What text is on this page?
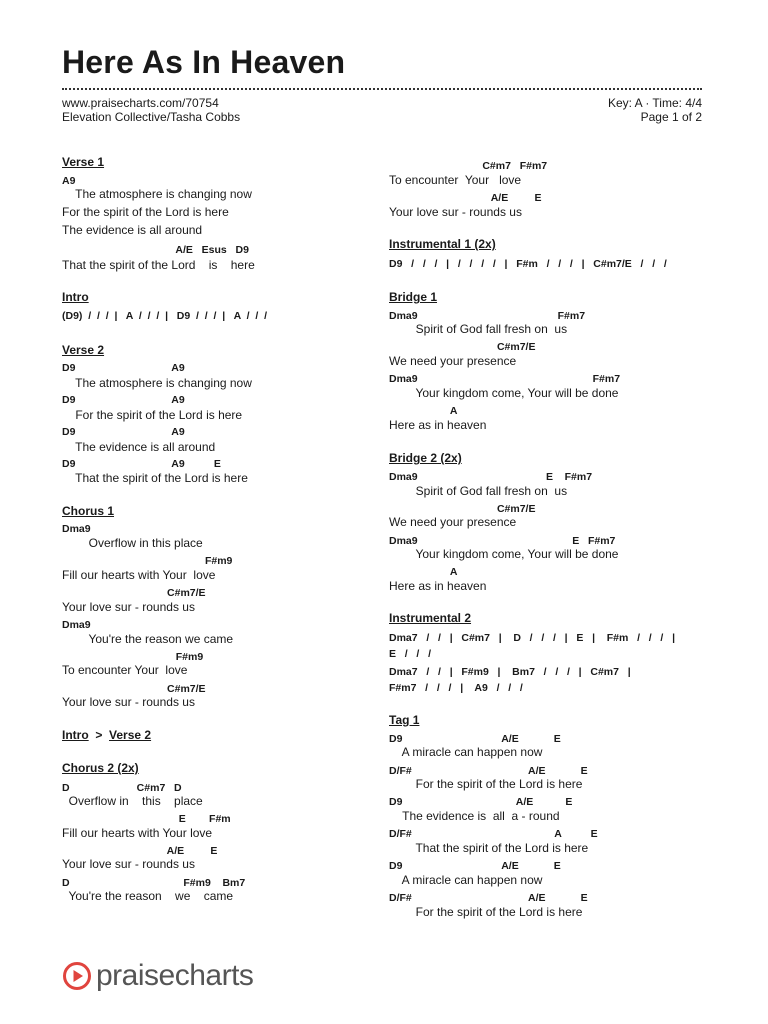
Here As In Heaven
www.praisecharts.com/70754
Elevation Collective/Tasha Cobbs
Key: A · Time: 4/4
Page 1 of 2
Verse 1
A9
The atmosphere is changing now
For the spirit of the Lord is here
The evidence is all around
A/E   Esus   D9
That the spirit of the Lord    is    here
Intro
(D9)  /  /  /  |   A  /  /  /  |   D9  /  /  /  |   A  /  /  /
Verse 2
D9                                 A9
The atmosphere is changing now
D9                                 A9
For the spirit of the Lord is here
D9                                 A9
The evidence is all around
D9                                 A9          E
That the spirit of the Lord is here
Chorus 1
Dma9
Overflow in this place
F#m9
Fill our hearts with Your  love
C#m7/E
Your love sur - rounds us
Dma9
You're the reason we came
F#m9
To encounter Your  love
C#m7/E
Your love sur - rounds us
Intro > Verse 2
Chorus 2 (2x)
D                       C#m7   D
Overflow in    this    place
E        F#m
Fill our hearts with Your love
A/E         E
Your love sur - rounds us
D                                       F#m9    Bm7
You're the reason    we    came
C#m7   F#m7
To encounter  Your   love
A/E         E
Your love sur - rounds us
Instrumental 1 (2x)
D9   /   /   /   |   /   /   /   /   |   F#m   /   /   /   |   C#m7/E   /   /   /
Bridge 1
Dma9                                                F#m7
Spirit of God fall fresh on  us
C#m7/E
We need your presence
Dma9                                                            F#m7
Your kingdom come, Your will be done
A
Here as in heaven
Bridge 2 (2x)
Dma9                                            E    F#m7
Spirit of God fall fresh on  us
C#m7/E
We need your presence
Dma9                                                     E   F#m7
Your kingdom come, Your will be done
A
Here as in heaven
Instrumental 2
Dma7   /   /   |   C#m7   |    D   /   /   /   |   E   |    F#m   /   /   /   |
E   /   /   /
Dma7   /   /   |   F#m9   |    Bm7   /   /   /   |   C#m7   |
F#m7   /   /   /   |    A9   /   /   /
Tag 1
D9                                  A/E            E
A miracle can happen now
D/F#                                        A/E            E
For the spirit of the Lord is here
D9                                       A/E           E
The evidence is  all  a - round
D/F#                                                 A          E
That the spirit of the Lord is here
D9                                  A/E            E
A miracle can happen now
D/F#                                        A/E            E
For the spirit of the Lord is here
praisecharts
